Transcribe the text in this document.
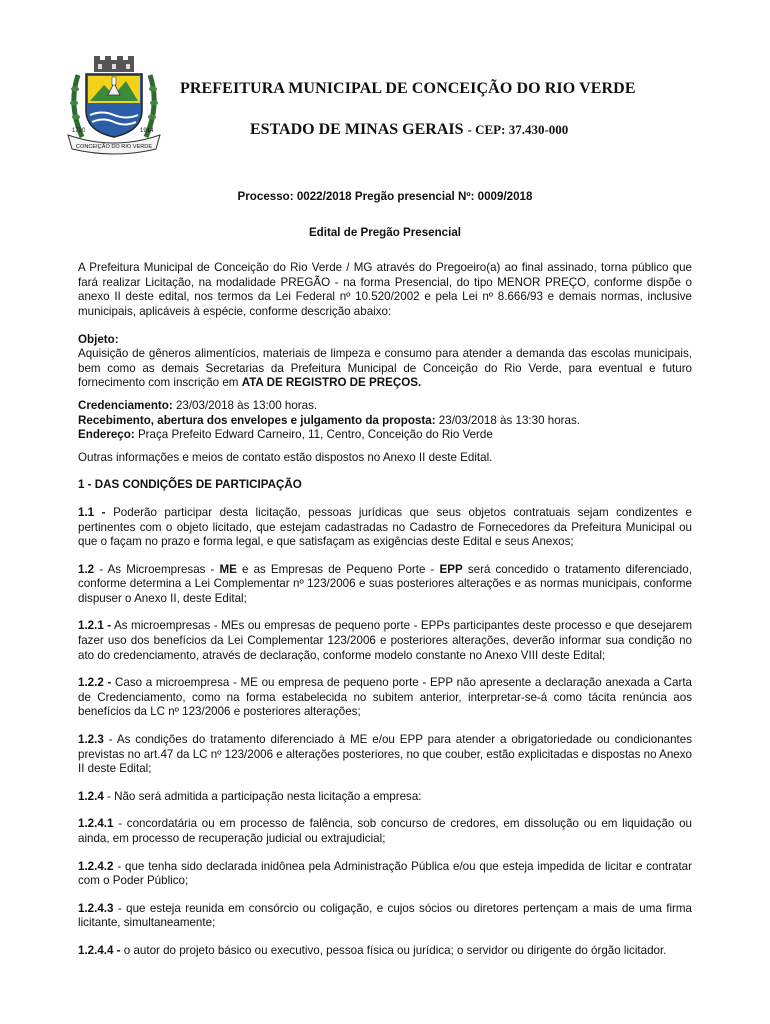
1720	1914
CONCEIÇÃO DO RIO VERDE
PREFEITURA MUNICIPAL DE CONCEIÇÃO DO RIO VERDE
ESTADO DE MINAS GERAIS - CEP: 37.430-000
Processo: 0022/2018 Pregão presencial Nº: 0009/2018
Edital de Pregão Presencial

A Prefeitura Municipal de Conceição do Rio Verde / MG através do Pregoeiro(a) ao final assinado, torna público que fará realizar Licitação, na modalidade PREGÃO - na forma Presencial, do tipo MENOR PREÇO, conforme dispõe o anexo II deste edital, nos termos da Lei Federal nº 10.520/2002 e pela Lei nº 8.666/93 e demais normas, inclusive municipais, aplicáveis à espécie, conforme descrição abaixo:

Objeto:

Aquisição de gêneros alimentícios, materiais de limpeza e consumo para atender a demanda das escolas municipais, bem como as demais Secretarias da Prefeitura Municipal de Conceição do Rio Verde, para eventual e futuro fornecimento com inscrição em ATA DE REGISTRO DE PREÇOS.

Credenciamento: 23/03/2018 às 13:00 horas.

Recebimento, abertura dos envelopes e julgamento da proposta: 23/03/2018 às 13:30 horas.

Endereço: Praça Prefeito Edward Carneiro, 11, Centro, Conceição do Rio Verde

Outras informações e meios de contato estão dispostos no Anexo II deste Edital.

1 - DAS CONDIÇÕES DE PARTICIPAÇÃO

1.1 - Poderão participar desta licitação, pessoas jurídicas que seus objetos contratuais sejam condizentes e pertinentes com o objeto licitado, que estejam cadastradas no Cadastro de Fornecedores da Prefeitura Municipal ou que o façam no prazo e forma legal, e que satisfaçam as exigências deste Edital e seus Anexos;

1.2 - As Microempresas - ME e as Empresas de Pequeno Porte - EPP será concedido o tratamento diferenciado, conforme determina a Lei Complementar nº 123/2006 e suas posteriores alterações e as normas municipais, conforme dispuser o Anexo II, deste Edital;

1.2.1 - As microempresas - MEs ou empresas de pequeno porte - EPPs participantes deste processo e que desejarem fazer uso dos benefícios da Lei Complementar 123/2006 e posteriores alterações, deverão informar sua condição no ato do credenciamento, através de declaração, conforme modelo constante no Anexo VIII deste Edital;

1.2.2 - Caso a microempresa - ME ou empresa de pequeno porte - EPP não apresente a declaração anexada a Carta de Credenciamento, como na forma estabelecida no subitem anterior, interpretar-se-á como tácita renúncia aos benefícios da LC nº 123/2006 e posteriores alterações;

1.2.3 - As condições do tratamento diferenciado à ME e/ou EPP para atender a obrigatoriedade ou condicionantes previstas no art.47 da LC nº 123/2006 e alterações posteriores, no que couber, estão explicitadas e dispostas no Anexo II deste Edital;

1.2.4 - Não será admitida a participação nesta licitação a empresa:

1.2.4.1 - concordatária ou em processo de falência, sob concurso de credores, em dissolução ou em liquidação ou ainda, em processo de recuperação judicial ou extrajudicial;

1.2.4.2 - que tenha sido declarada inidônea pela Administração Pública e/ou que esteja impedida de licitar e contratar com o Poder Público;

1.2.4.3 - que esteja reunida em consórcio ou coligação, e cujos sócios ou diretores pertençam a mais de uma firma licitante, simultaneamente;

1.2.4.4 - o autor do projeto básico ou executivo, pessoa física ou jurídica; o servidor ou dirigente do órgão licitador.
